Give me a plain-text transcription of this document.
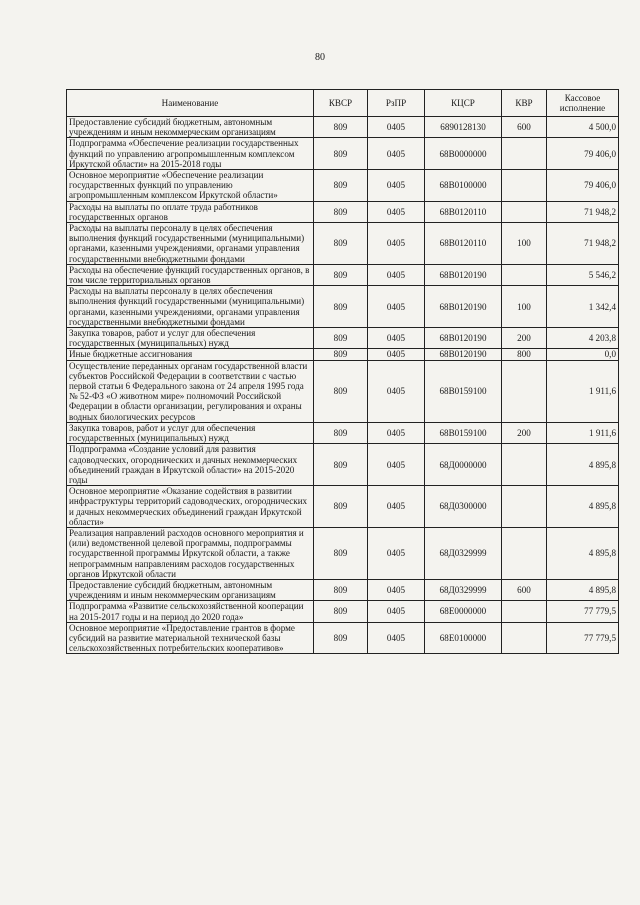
80
Наименование	КВСР	РзПР	КЦСР	КВР	Кассовое исполнение
Предоставление субсидий бюджетным, автономным учреждениям и иным некоммерческим организациям	809	0405	6890128130	600	4 500,0
Подпрограмма «Обеспечение реализации государственных функций по управлению агропромышленным комплексом Иркутской области» на 2015-2018 годы	809	0405	68В0000000		79 406,0
Основное мероприятие «Обеспечение реализации государственных функций по управлению агропромышленным комплексом Иркутской области»	809	0405	68В0100000		79 406,0
Расходы на выплаты по оплате труда работников государственных органов	809	0405	68В0120110		71 948,2
Расходы на выплаты персоналу в целях обеспечения выполнения функций государственными (муниципальными) органами, казенными учреждениями, органами управления государственными внебюджетными фондами	809	0405	68В0120110	100	71 948,2
Расходы на обеспечение функций государственных органов, в том числе территориальных органов	809	0405	68В0120190		5 546,2
Расходы на выплаты персоналу в целях обеспечения выполнения функций государственными (муниципальными) органами, казенными учреждениями, органами управления государственными внебюджетными фондами	809	0405	68В0120190	100	1 342,4
Закупка товаров, работ и услуг для обеспечения государственных (муниципальных) нужд	809	0405	68В0120190	200	4 203,8
Иные бюджетные ассигнования	809	0405	68В0120190	800	0,0
Осуществление переданных органам государственной власти субъектов Российской Федерации в соответствии с частью первой статьи 6 Федерального закона от 24 апреля 1995 года № 52-ФЗ «О животном мире» полномочий Российской Федерации в области организации, регулирования и охраны водных биологических ресурсов	809	0405	68В0159100		1 911,6
Закупка товаров, работ и услуг для обеспечения государственных (муниципальных) нужд	809	0405	68В0159100	200	1 911,6
Подпрограмма «Создание условий для развития садоводческих, огороднических и дачных некоммерческих объединений граждан в Иркутской области» на 2015-2020 годы	809	0405	68Д0000000		4 895,8
Основное мероприятие «Оказание содействия в развитии инфраструктуры территорий садоводческих, огороднических и дачных некоммерческих объединений граждан Иркутской области»	809	0405	68Д0300000		4 895,8
Реализация направлений расходов основного мероприятия и (или) ведомственной целевой программы, подпрограммы государственной программы Иркутской области, а также непрограммным направлениям расходов государственных органов Иркутской области	809	0405	68Д0329999		4 895,8
Предоставление субсидий бюджетным, автономным учреждениям и иным некоммерческим организациям	809	0405	68Д0329999	600	4 895,8
Подпрограмма «Развитие сельскохозяйственной кооперации на 2015-2017 годы и на период до 2020 года»	809	0405	68Е0000000		77 779,5
Основное мероприятие «Предоставление грантов в форме субсидий на развитие материальной технической базы сельскохозяйственных потребительских кооперативов»	809	0405	68Е0100000		77 779,5
